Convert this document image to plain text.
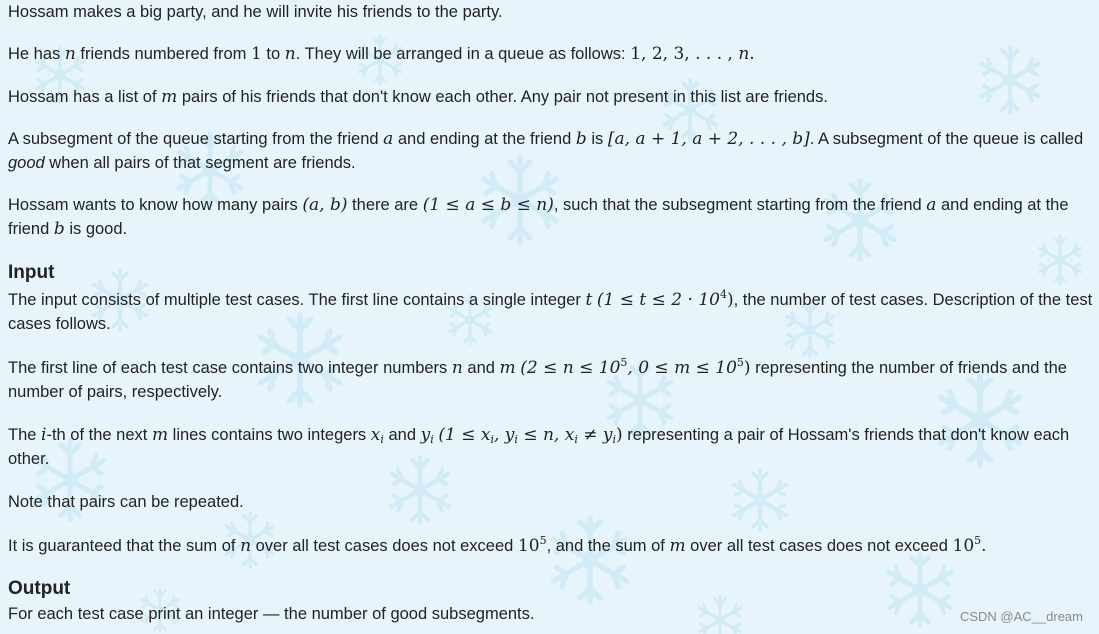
Hossam makes a big party, and he will invite his friends to the party.

He has n friends numbered from 1 to n. They will be arranged in a queue as follows: 1, 2, 3, . . . , n.

Hossam has a list of m pairs of his friends that don't know each other. Any pair not present in this list are friends.

A subsegment of the queue starting from the friend a and ending at the friend b is [a, a + 1, a + 2, . . . , b]. A subsegment of the queue is called good when all pairs of that segment are friends.

Hossam wants to know how many pairs (a, b) there are (1 ≤ a ≤ b ≤ n), such that the subsegment starting from the friend a and ending at the friend b is good.

Input

The input consists of multiple test cases. The first line contains a single integer t $(1 \le t \le 2 \cdot 10^4)$, the number of test cases. Description of the test cases follows.

The first line of each test case contains two integer numbers n and m ($2 \le n \le 10^5$, $0 \le m \le 10^5$) representing the number of friends and the number of pairs, respectively.

The i-th of the next m lines contains two integers $x_i$ and $y_i$ ($1 \le x_i$, $y_i \le n$, $x_i \ne y_i$) representing a pair of Hossam's friends that don't know each other.

Note that pairs can be repeated.

It is guaranteed that the sum of n over all test cases does not exceed $10^5$, and the sum of m over all test cases does not exceed $10^5$.

Output

For each test case print an integer — the number of good subsegments.	CSDN @AC__dream
